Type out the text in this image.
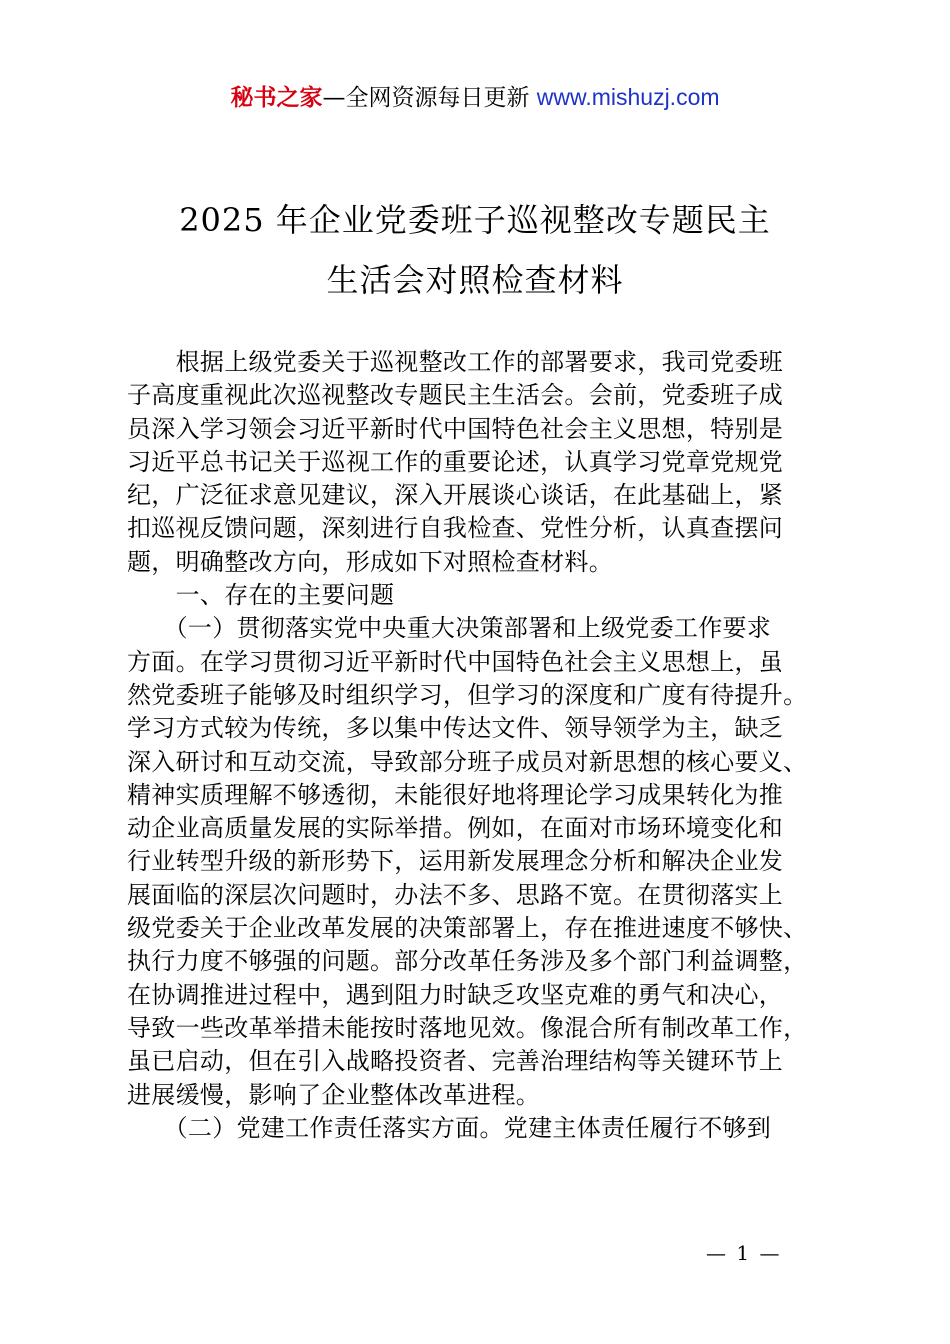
秘书之家—全网资源每日更新 www.mishuzj.com
2025 年企业党委班子巡视整改专题民主
生活会对照检查材料
　　根据上级党委关于巡视整改工作的部署要求，我司党委班
子高度重视此次巡视整改专题民主生活会。会前，党委班子成
员深入学习领会习近平新时代中国特色社会主义思想，特别是
习近平总书记关于巡视工作的重要论述，认真学习党章党规党
纪，广泛征求意见建议，深入开展谈心谈话，在此基础上，紧
扣巡视反馈问题，深刻进行自我检查、党性分析，认真查摆问
题，明确整改方向，形成如下对照检查材料。
　　一、存在的主要问题
　　（一）贯彻落实党中央重大决策部署和上级党委工作要求
方面。在学习贯彻习近平新时代中国特色社会主义思想上，虽
然党委班子能够及时组织学习，但学习的深度和广度有待提升。
学习方式较为传统，多以集中传达文件、领导领学为主，缺乏
深入研讨和互动交流，导致部分班子成员对新思想的核心要义、
精神实质理解不够透彻，未能很好地将理论学习成果转化为推
动企业高质量发展的实际举措。例如，在面对市场环境变化和
行业转型升级的新形势下，运用新发展理念分析和解决企业发
展面临的深层次问题时，办法不多、思路不宽。在贯彻落实上
级党委关于企业改革发展的决策部署上，存在推进速度不够快、
执行力度不够强的问题。部分改革任务涉及多个部门利益调整，
在协调推进过程中，遇到阻力时缺乏攻坚克难的勇气和决心，
导致一些改革举措未能按时落地见效。像混合所有制改革工作，
虽已启动，但在引入战略投资者、完善治理结构等关键环节上
进展缓慢，影响了企业整体改革进程。
　　（二）党建工作责任落实方面。党建主体责任履行不够到
— 1 —
